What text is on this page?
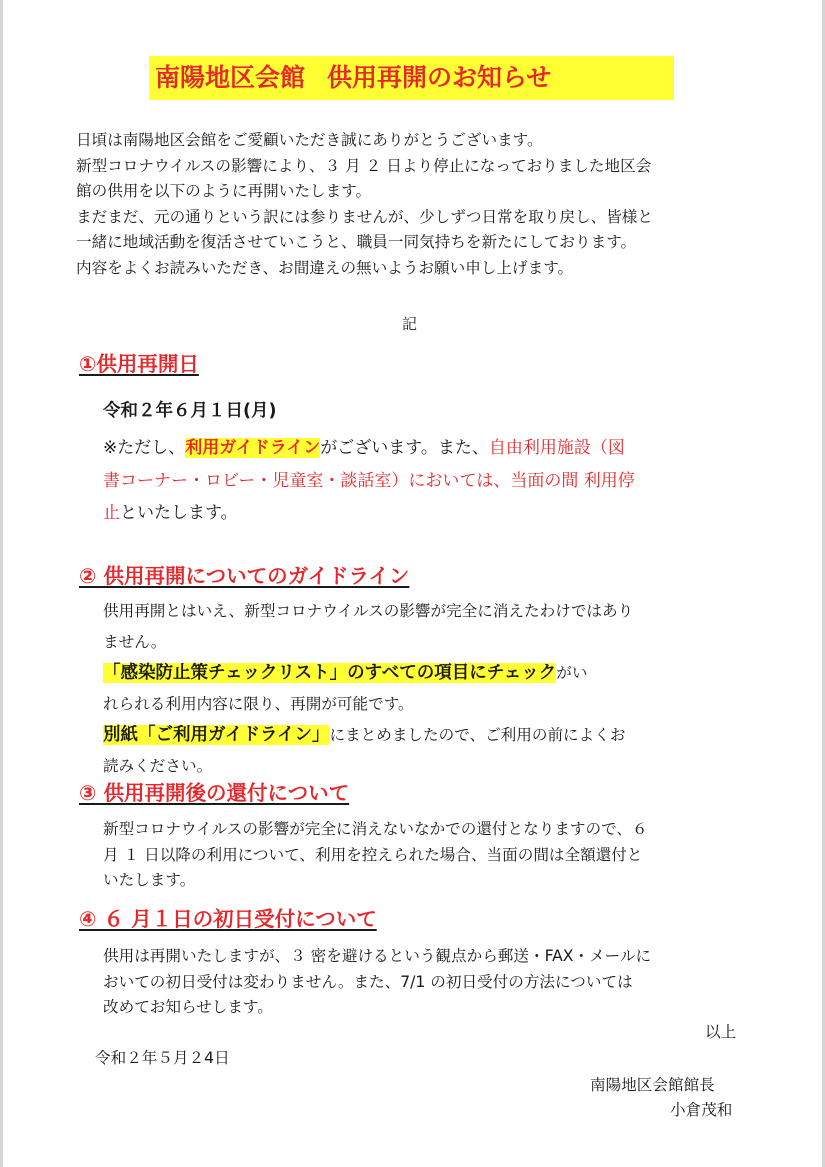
南陽地区会館 供用再開のお知らせ

日頃は南陽地区会館をご愛顧いただき誠にありがとうございます。

新型コロナウイルスの影響により、３ 月 ２ 日より停止になっておりました地区会

館の供用を以下のように再開いたします。

まだまだ、元の通りという訳には参りませんが、少しずつ日常を取り戻し、皆様と

一緒に地域活動を復活させていこうと、職員一同気持ちを新たにしております。

内容をよくお読みいただき、お間違えの無いようお願い申し上げます。

記
①供用再開日
令和２年６月１日(月)

※ただし、利用ガイドラインがございます。また、自由利用施設（図

書コーナー・ロビー・児童室・談話室）においては、当面の間 利用停

止といたします。

② 供用再開についてのガイドライン

供用再開とはいえ、新型コロナウイルスの影響が完全に消えたわけではあり

ません。

「感染防止策チェックリスト」のすべての項目にチェックがい

れられる利用内容に限り、再開が可能です。

別紙「ご利用ガイドライン」にまとめましたので、ご利用の前によくお

読みください。

③ 供用再開後の還付について

新型コロナウイルスの影響が完全に消えないなかでの還付となりますので、６

月 １ 日以降の利用について、利用を控えられた場合、当面の間は全額還付と

いたします。

④ ６ 月１日の初日受付について

供用は再開いたしますが、３ 密を避けるという観点から郵送・FAX・メールに

おいての初日受付は変わりません。また、7/1 の初日受付の方法については

改めてお知らせします。

以上
令和２年５月２4日
南陽地区会館館長
小倉茂和
